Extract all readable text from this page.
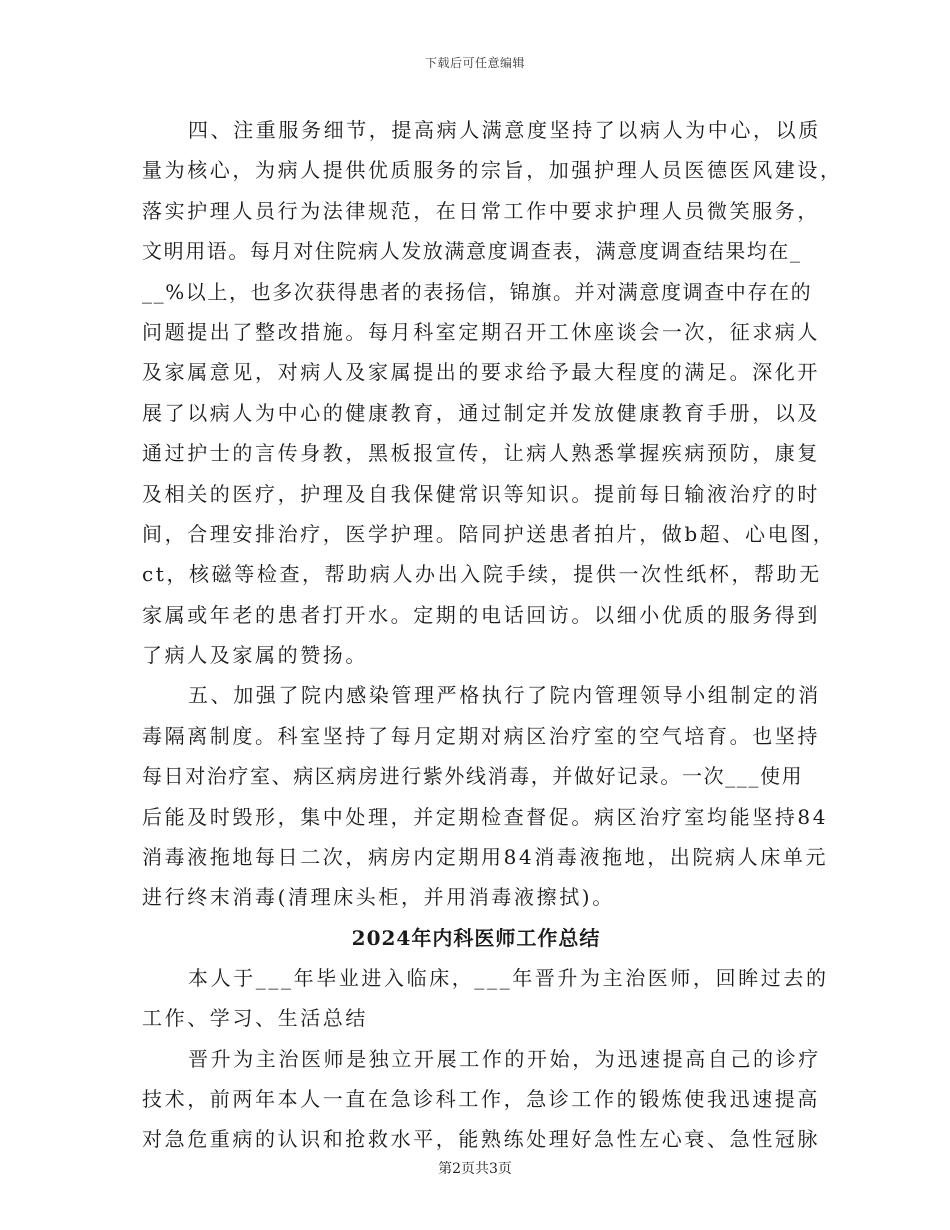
下载后可任意编辑
四、注重服务细节，提高病人满意度坚持了以病人为中心，以质
量为核心，为病人提供优质服务的宗旨，加强护理人员医德医风建设，
落实护理人员行为法律规范，在日常工作中要求护理人员微笑服务，
文明用语。每月对住院病人发放满意度调查表，满意度调查结果均在_
__%以上，也多次获得患者的表扬信，锦旗。并对满意度调查中存在的
问题提出了整改措施。每月科室定期召开工休座谈会一次，征求病人
及家属意见，对病人及家属提出的要求给予最大程度的满足。深化开
展了以病人为中心的健康教育，通过制定并发放健康教育手册，以及
通过护士的言传身教，黑板报宣传，让病人熟悉掌握疾病预防，康复
及相关的医疗，护理及自我保健常识等知识。提前每日输液治疗的时
间，合理安排治疗，医学护理。陪同护送患者拍片，做b超、心电图，
ct，核磁等检查，帮助病人办出入院手续，提供一次性纸杯，帮助无
家属或年老的患者打开水。定期的电话回访。以细小优质的服务得到
了病人及家属的赞扬。
五、加强了院内感染管理严格执行了院内管理领导小组制定的消
毒隔离制度。科室坚持了每月定期对病区治疗室的空气培育。也坚持
每日对治疗室、病区病房进行紫外线消毒，并做好记录。一次___使用
后能及时毁形，集中处理，并定期检查督促。病区治疗室均能坚持84
消毒液拖地每日二次，病房内定期用84消毒液拖地，出院病人床单元
进行终末消毒(清理床头柜，并用消毒液擦拭)。
2024年内科医师工作总结
本人于___年毕业进入临床，___年晋升为主治医师，回眸过去的
工作、学习、生活总结
晋升为主治医师是独立开展工作的开始，为迅速提高自己的诊疗
技术，前两年本人一直在急诊科工作，急诊工作的锻炼使我迅速提高
对急危重病的认识和抢救水平，能熟练处理好急性左心衰、急性冠脉
第2页共3页
